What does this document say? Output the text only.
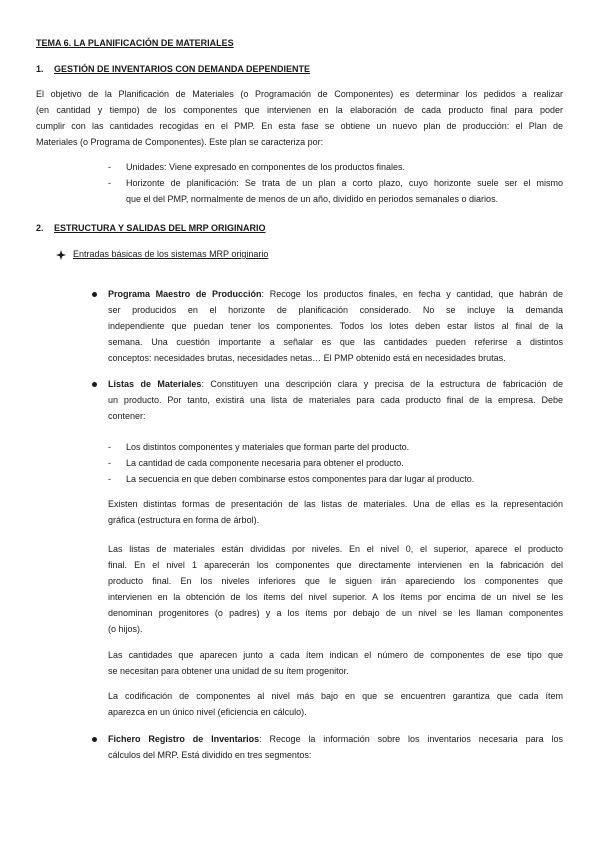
TEMA 6. LA PLANIFICACIÓN DE MATERIALES
1. GESTIÓN DE INVENTARIOS CON DEMANDA DEPENDIENTE
El objetivo de la Planificación de Materiales (o Programación de Componentes) es determinar los pedidos a realizar
(en cantidad y tiempo) de los componentes que intervienen en la elaboración de cada producto final para poder
cumplir con las cantidades recogidas en el PMP. En esta fase se obtiene un nuevo plan de producción: el Plan de
Materiales (o Programa de Componentes). Este plan se caracteriza por:
- Unidades: Viene expresado en componentes de los productos finales.
- Horizonte de planificación: Se trata de un plan a corto plazo, cuyo horizonte suele ser el mismo
que el del PMP, normalmente de menos de un año, dividido en periodos semanales o diarios.
2. ESTRUCTURA Y SALIDAS DEL MRP ORIGINARIO
Entradas básicas de los sistemas MRP originario
Programa Maestro de Producción: Recoge los productos finales, en fecha y cantidad, que habrán de
ser producidos en el horizonte de planificación considerado. No se incluye la demanda
independiente que puedan tener los componentes. Todos los lotes deben estar listos al final de la
semana. Una cuestión importante a señalar es que las cantidades pueden referirse a distintos
conceptos: necesidades brutas, necesidades netas… El PMP obtenido está en necesidades brutas.
Listas de Materiales: Constituyen una descripción clara y precisa de la estructura de fabricación de
un producto. Por tanto, existirá una lista de materiales para cada producto final de la empresa. Debe
contener:
- Los distintos componentes y materiales que forman parte del producto.
- La cantidad de cada componente necesaria para obtener el producto.
- La secuencia en que deben combinarse estos componentes para dar lugar al producto.
Existen distintas formas de presentación de las listas de materiales. Una de ellas es la representación
gráfica (estructura en forma de árbol).
Las listas de materiales están divididas por niveles. En el nivel 0, el superior, aparece el producto
final. En el nivel 1 aparecerán los componentes que directamente intervienen en la fabricación del
producto final. En los niveles inferiores que le siguen irán apareciendo los componentes que
intervienen en la obtención de los ítems del nivel superior. A los ítems por encima de un nivel se les
denominan progenitores (o padres) y a los ítems por debajo de un nivel se les llaman componentes
(o hijos).
Las cantidades que aparecen junto a cada ítem indican el número de componentes de ese tipo que
se necesitan para obtener una unidad de su ítem progenitor.
La codificación de componentes al nivel más bajo en que se encuentren garantiza que cada ítem
aparezca en un único nivel (eficiencia en cálculo).
Fichero Registro de Inventarios: Recoge la información sobre los inventarios necesaria para los
cálculos del MRP. Está dividido en tres segmentos:
